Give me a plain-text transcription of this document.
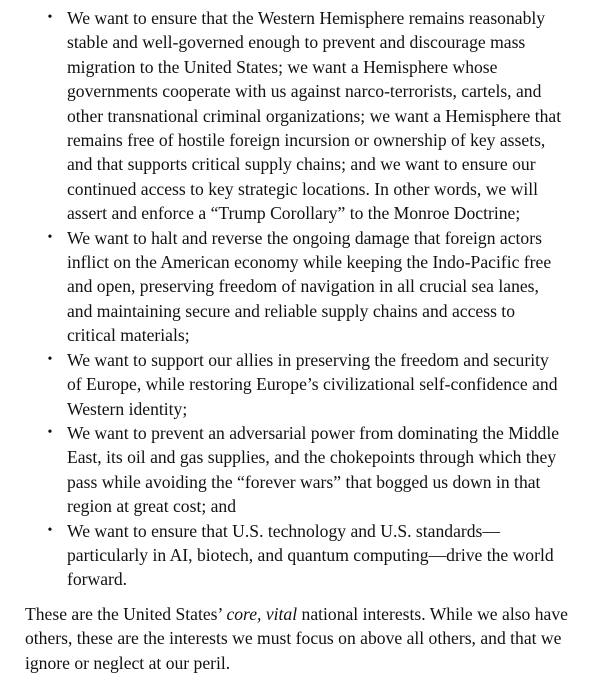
• We want to ensure that the Western Hemisphere remains reasonably stable and well-governed enough to prevent and discourage mass migration to the United States; we want a Hemisphere whose governments cooperate with us against narco-terrorists, cartels, and other transnational criminal organizations; we want a Hemisphere that remains free of hostile foreign incursion or ownership of key assets, and that supports critical supply chains; and we want to ensure our continued access to key strategic locations. In other words, we will assert and enforce a “Trump Corollary” to the Monroe Doctrine;
• We want to halt and reverse the ongoing damage that foreign actors inflict on the American economy while keeping the Indo-Pacific free and open, preserving freedom of navigation in all crucial sea lanes, and maintaining secure and reliable supply chains and access to critical materials;
• We want to support our allies in preserving the freedom and security of Europe, while restoring Europe’s civilizational self-confidence and Western identity;
• We want to prevent an adversarial power from dominating the Middle East, its oil and gas supplies, and the chokepoints through which they pass while avoiding the “forever wars” that bogged us down in that region at great cost; and
• We want to ensure that U.S. technology and U.S. standards—particularly in AI, biotech, and quantum computing—drive the world forward.

These are the United States’ core, vital national interests. While we also have others, these are the interests we must focus on above all others, and that we ignore or neglect at our peril.
